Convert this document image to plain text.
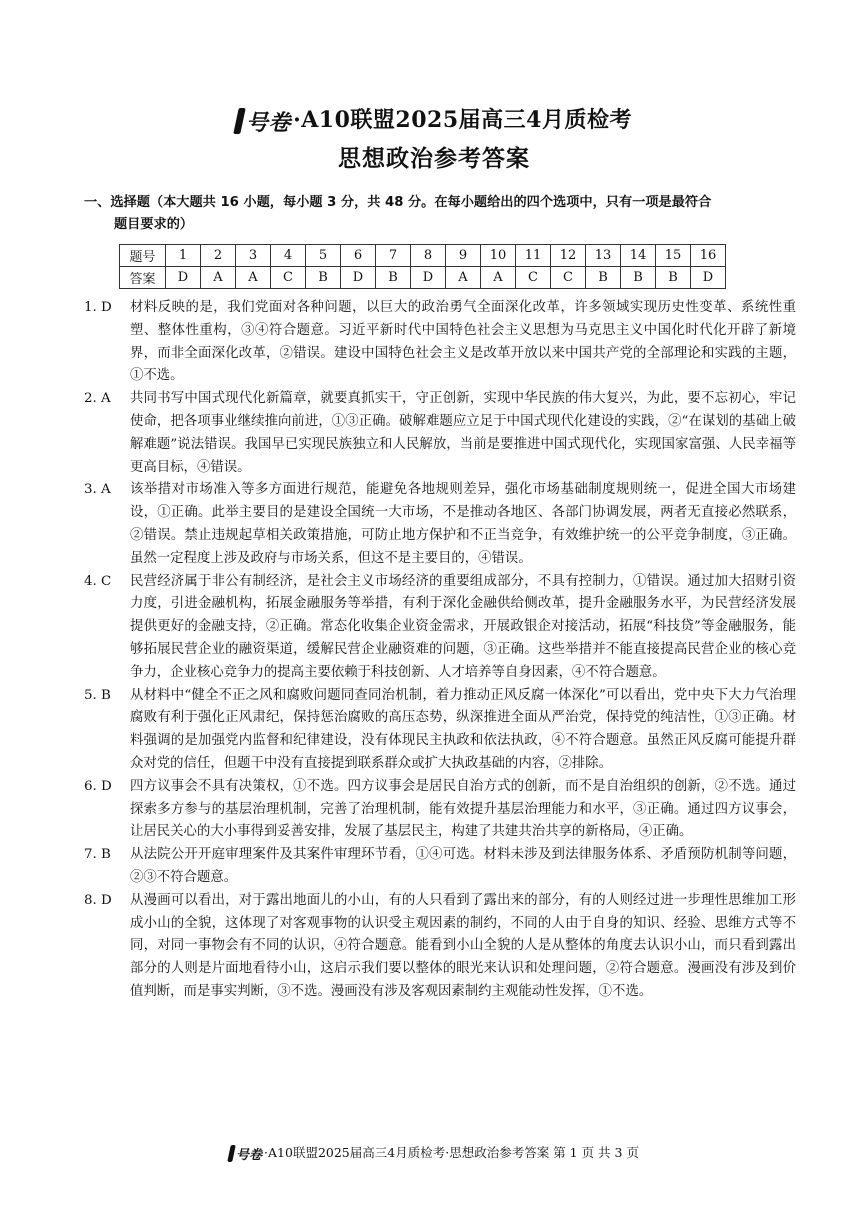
号卷 ·A10联盟2025届高三4月质检考
思想政治参考答案
一、选择题（本大题共 16 小题，每小题 3 分，共 48 分。在每小题给出的四个选项中，只有一项是最符合
题目要求的）
题号	1	2	3	4	5	6	7	8	9	10	11	12	13	14	15	16
答案	D	A	A	C	B	D	B	D	A	A	C	C	B	B	B	D
1. D	材料反映的是，我们党面对各种问题，以巨大的政治勇气全面深化改革，许多领域实现历史性变革、系统性重塑、整体性重构，③④符合题意。习近平新时代中国特色社会主义思想为马克思主义中国化时代化开辟了新境界，而非全面深化改革，②错误。建设中国特色社会主义是改革开放以来中国共产党的全部理论和实践的主题，①不选。
2. A	共同书写中国式现代化新篇章，就要真抓实干，守正创新，实现中华民族的伟大复兴，为此，要不忘初心，牢记使命，把各项事业继续推向前进，①③正确。破解难题应立足于中国式现代化建设的实践，②“在谋划的基础上破解难题”说法错误。我国早已实现民族独立和人民解放，当前是要推进中国式现代化，实现国家富强、人民幸福等更高目标，④错误。
3. A	该举措对市场准入等多方面进行规范，能避免各地规则差异，强化市场基础制度规则统一，促进全国大市场建设，①正确。此举主要目的是建设全国统一大市场，不是推动各地区、各部门协调发展，两者无直接必然联系，②错误。禁止违规起草相关政策措施，可防止地方保护和不正当竞争，有效维护统一的公平竞争制度，③正确。虽然一定程度上涉及政府与市场关系，但这不是主要目的，④错误。
4. C	民营经济属于非公有制经济，是社会主义市场经济的重要组成部分，不具有控制力，①错误。通过加大招财引资力度，引进金融机构，拓展金融服务等举措，有利于深化金融供给侧改革，提升金融服务水平，为民营经济发展提供更好的金融支持，②正确。常态化收集企业资金需求，开展政银企对接活动，拓展“科技贷”等金融服务，能够拓展民营企业的融资渠道，缓解民营企业融资难的问题，③正确。这些举措并不能直接提高民营企业的核心竞争力，企业核心竞争力的提高主要依赖于科技创新、人才培养等自身因素，④不符合题意。
5. B	从材料中“健全不正之风和腐败问题同查同治机制，着力推动正风反腐一体深化”可以看出，党中央下大力气治理腐败有利于强化正风肃纪，保持惩治腐败的高压态势，纵深推进全面从严治党，保持党的纯洁性，①③正确。材料强调的是加强党内监督和纪律建设，没有体现民主执政和依法执政，④不符合题意。虽然正风反腐可能提升群众对党的信任，但题干中没有直接提到联系群众或扩大执政基础的内容，②排除。
6. D	四方议事会不具有决策权，①不选。四方议事会是居民自治方式的创新，而不是自治组织的创新，②不选。通过探索多方参与的基层治理机制，完善了治理机制，能有效提升基层治理能力和水平，③正确。通过四方议事会，让居民关心的大小事得到妥善安排，发展了基层民主，构建了共建共治共享的新格局，④正确。
7. B	从法院公开开庭审理案件及其案件审理环节看，①④可选。材料未涉及到法律服务体系、矛盾预防机制等问题，②③不符合题意。
8. D	从漫画可以看出，对于露出地面儿的小山，有的人只看到了露出来的部分，有的人则经过进一步理性思维加工形成小山的全貌，这体现了对客观事物的认识受主观因素的制约，不同的人由于自身的知识、经验、思维方式等不同，对同一事物会有不同的认识，④符合题意。能看到小山全貌的人是从整体的角度去认识小山，而只看到露出部分的人则是片面地看待小山，这启示我们要以整体的眼光来认识和处理问题，②符合题意。漫画没有涉及到价值判断，而是事实判断，③不选。漫画没有涉及客观因素制约主观能动性发挥，①不选。
号卷 ·A10联盟2025届高三4月质检考·思想政治参考答案 第 1 页 共 3 页
